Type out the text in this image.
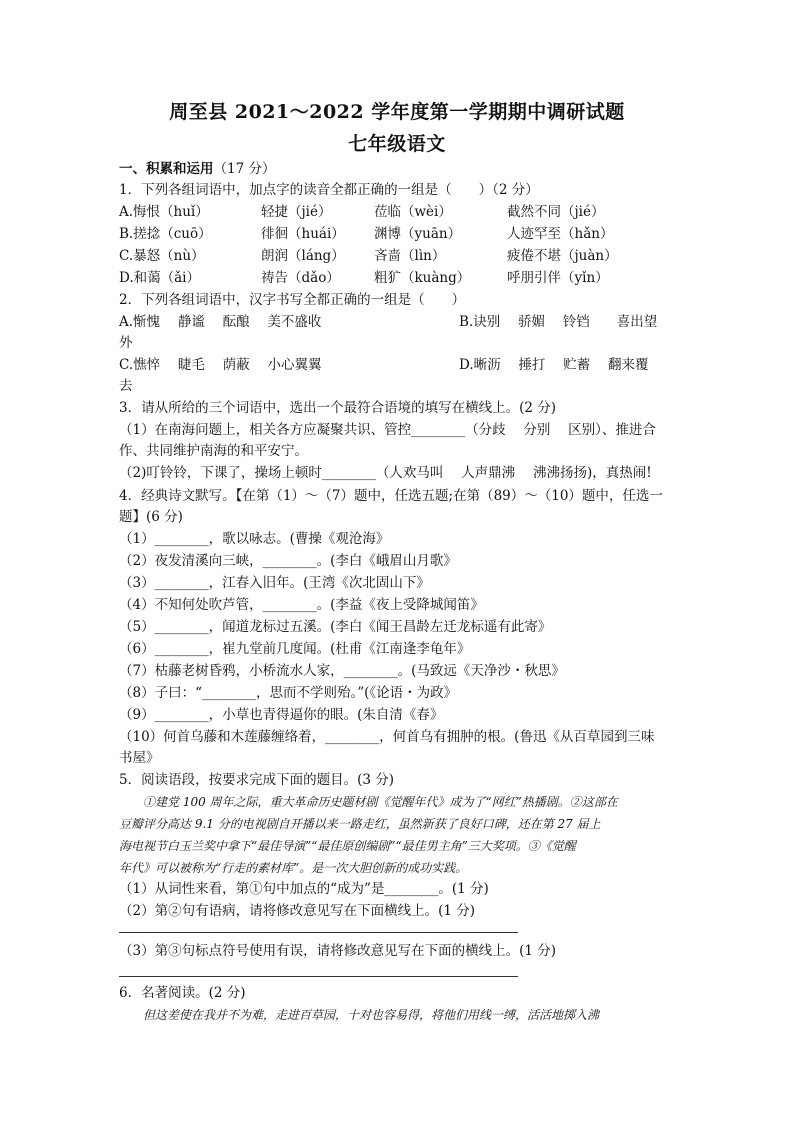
周至县 2021～2022 学年度第一学期期中调研试题
七年级语文
一、积累和运用（17 分）
1．下列各组词语中，加点字的读音全都正确的一组是（　　）（2 分）
A.悔恨（huǐ）	轻捷（jié）	莅临（wèi）	截然不同（jié）
B.搓捻（cuō）	徘徊（huái） 渊博（yuān）	人迹罕至（hǎn）
C.暴怒（nù）	朗润（láng） 吝啬（lìn）	疲倦不堪（juàn）
D.和蔼（ǎi）	祷告（dǎo）	粗犷（kuàng）	呼朋引伴（yǐn）
2．下列各组词语中，汉字书写全都正确的一组是（　　）
A.惭愧　 静谧　 酝酿　 美不盛收	B.诀别　 骄媚　 铃铛　　喜出望
外
C.憔悴　 睫毛　 荫蔽　 小心翼翼	D.晰沥　 捶打　 贮蓄　 翻来覆
去
3．请从所给的三个词语中，选出一个最符合语境的填写在横线上。(2 分)
（1）在南海问题上，相关各方应凝聚共识、管控________（分歧　 分别　 区别）、推进合
作、共同维护南海的和平安宁。
（2)叮铃铃，下课了，操场上顿时________（人欢马叫　 人声鼎沸　 沸沸扬扬)，真热闹!
4．经典诗文默写。【在第（1）～（7）题中，任选五题;在第（89）～（10）题中，任选一
题】(6 分)
（1）________，歌以咏志。(曹操《观沧海》
（2）夜发清溪向三峡，________。(李白《峨眉山月歌》
（3）________，江春入旧年。(王湾《次北固山下》
（4）不知何处吹芦管，________。(李益《夜上受降城闻笛》
（5）________，闻道龙标过五溪。(李白《闻王昌龄左迁龙标遥有此寄》
（6）________，崔九堂前几度闻。(杜甫《江南逢李龟年》
（7）枯藤老树昏鸦，小桥流水人家，________。(马致远《天净沙・秋思》
（8）子曰：“________，思而不学则殆。”(《论语・为政》
（9）________，小草也青得逼你的眼。(朱自清《春》
（10）何首乌藤和木莲藤缠络着，________，何首乌有拥肿的根。(鲁迅《从百草园到三味
书屋》
5．阅读语段，按要求完成下面的题目。(3 分)
　　①建党 100 周年之际，重大革命历史题材剧《觉醒年代》成为了“网红”热播剧。②这部在
豆瓣评分高达 9.1 分的电视剧自开播以来一路走红，虽然新获了良好口碑，还在第 27 届上
海电视节白玉兰奖中拿下“最佳导演”“最佳原创编剧”“最佳男主角”三大奖项。③《觉醒
年代》可以被称为“行走的素材库”。是一次大胆创新的成功实践。
（1）从词性来看，第①句中加点的“成为”是________。(1 分)
（2）第②句有语病，请将修改意见写在下面横线上。(1 分)
（3）第③句标点符号使用有误，请将修改意见写在下面的横线上。(1 分)
6．名著阅读。(2 分)
　　但这差使在我并不为难，走进百草园，十对也容易得，将他们用线一缚，活活地掷入沸
